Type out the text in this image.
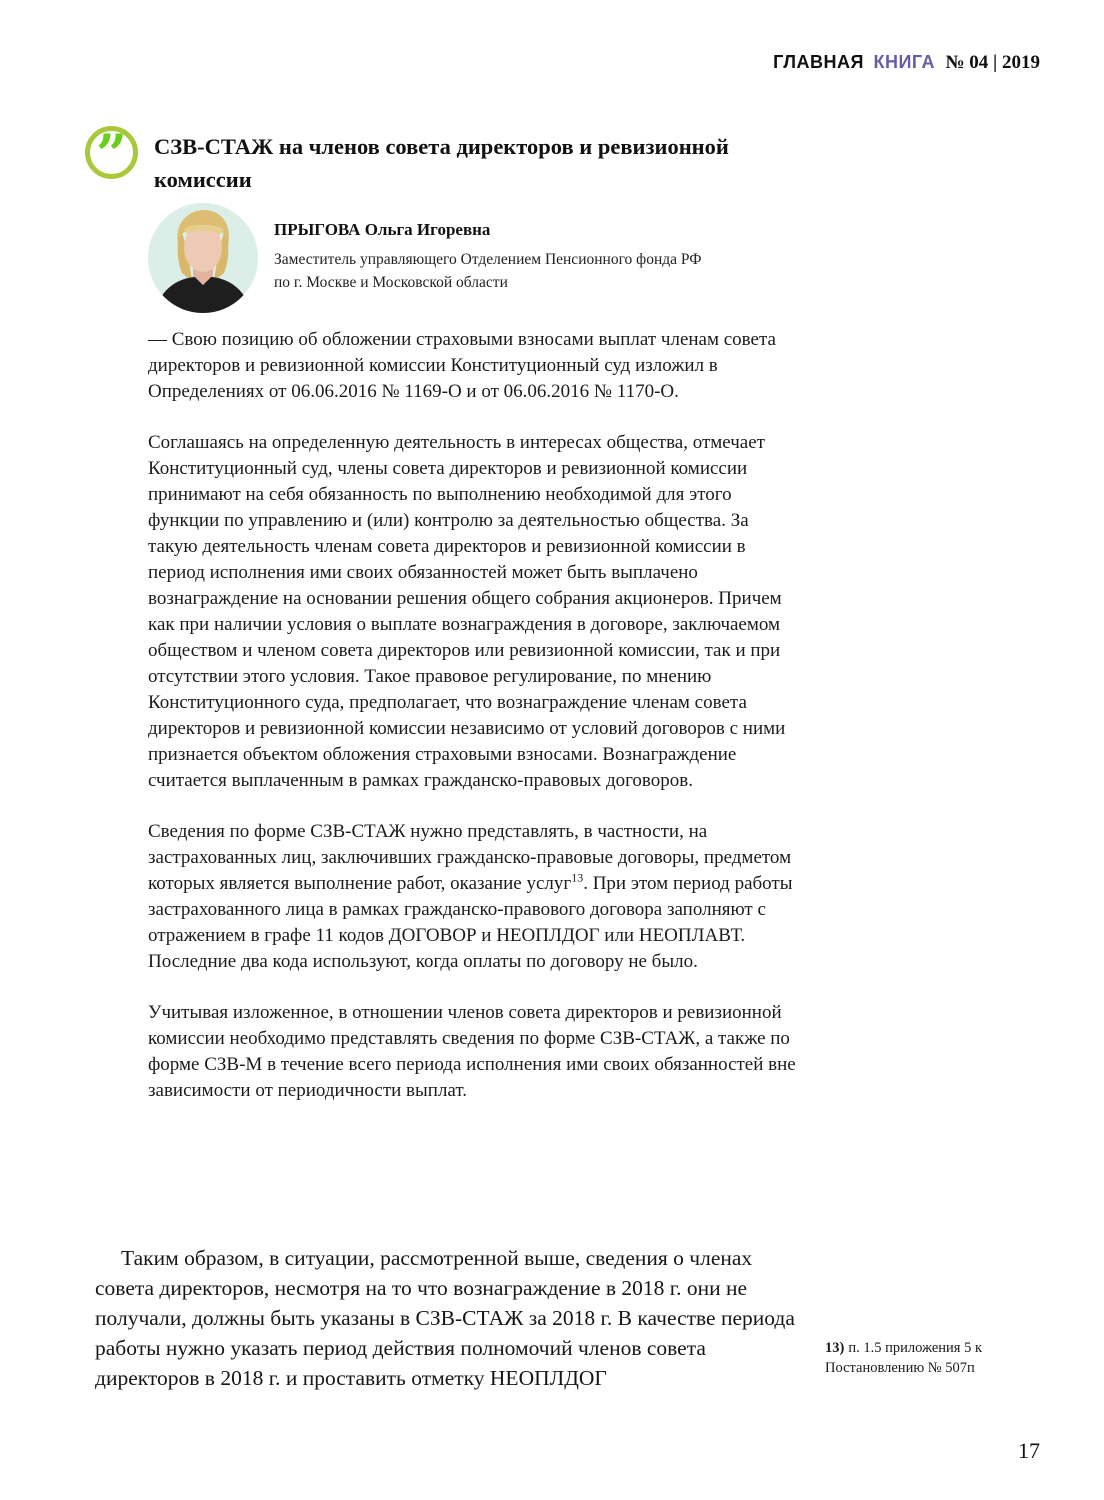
ГЛАВНАЯ КНИГА № 04 | 2019
” СЗВ-СТАЖ на членов совета директоров и ревизионной комиссии
ПРЫГОВА Ольга Игоревна
Заместитель управляющего Отделением Пенсионного фонда РФ
по г. Москве и Московской области

— Свою позицию об обложении страховыми взносами выплат членам совета директоров и ревизионной комиссии Конституционный суд изложил в Определениях от 06.06.2016 № 1169-О и от 06.06.2016 № 1170-О.

Соглашаясь на определенную деятельность в интересах общества, отмечает Конституционный суд, члены совета директоров и ревизионной комиссии принимают на себя обязанность по выполнению необходимой для этого функции по управлению и (или) контролю за деятельностью общества. За такую деятельность членам совета директоров и ревизионной комиссии в период исполнения ими своих обязанностей может быть выплачено вознаграждение на основании решения общего собрания акционеров. Причем как при наличии условия о выплате вознаграждения в договоре, заключаемом обществом и членом совета директоров или ревизионной комиссии, так и при отсутствии этого условия. Такое правовое регулирование, по мнению Конституционного суда, предполагает, что вознаграждение членам совета директоров и ревизионной комиссии независимо от условий договоров с ними признается объектом обложения страховыми взносами. Вознаграждение считается выплаченным в рамках гражданско-правовых договоров.

Сведения по форме СЗВ-СТАЖ нужно представлять, в частности, на застрахованных лиц, заключивших гражданско-правовые договоры, предметом которых является выполнение работ, оказание услуг$^{13}$. При этом период работы застрахованного лица в рамках гражданско-правового договора заполняют с отражением в графе 11 кодов ДОГОВОР и НЕОПЛДОГ или НЕОПЛАВТ. Последние два кода используют, когда оплаты по договору не было.

Учитывая изложенное, в отношении членов совета директоров и ревизионной комиссии необходимо представлять сведения по форме СЗВ-СТАЖ, а также по форме СЗВ-М в течение всего периода исполнения ими своих обязанностей вне зависимости от периодичности выплат.

Таким образом, в ситуации, рассмотренной выше, сведения о членах совета директоров, несмотря на то что вознаграждение в 2018 г. они не получали, должны быть указаны в СЗВ-СТАЖ за 2018 г. В качестве периода работы нужно указать период действия полномочий членов совета директоров в 2018 г. и проставить отметку НЕОПЛДОГ

13) п. 1.5 приложения 5 к Постановлению № 507п
17
